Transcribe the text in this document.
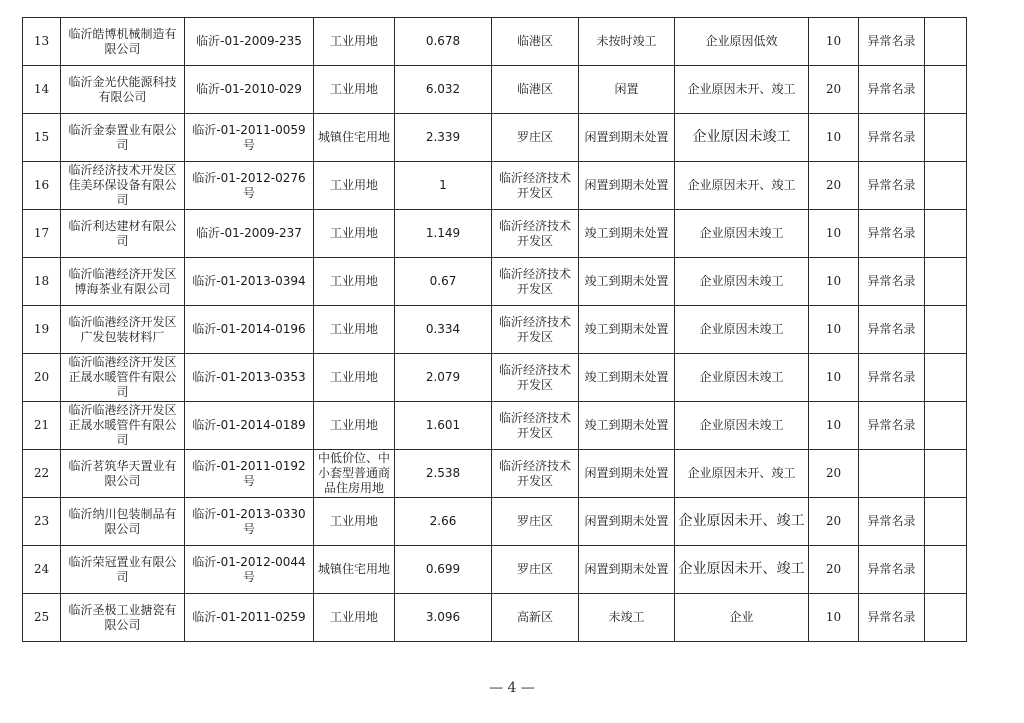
13	临沂皓博机械制造有限公司	临沂-01-2009-235	工业用地	0.678	临港区	未按时竣工	企业原因低效	10	异常名录	
14	临沂金光伏能源科技有限公司	临沂-01-2010-029	工业用地	6.032	临港区	闲置	企业原因未开、竣工	20	异常名录	
15	临沂金泰置业有限公司	临沂-01-2011-0059号	城镇住宅用地	2.339	罗庄区	闲置到期未处置	企业原因未竣工	10	异常名录	
16	临沂经济技术开发区佳美环保设备有限公司	临沂-01-2012-0276号	工业用地	1	临沂经济技术开发区	闲置到期未处置	企业原因未开、竣工	20	异常名录	
17	临沂利达建材有限公司	临沂-01-2009-237	工业用地	1.149	临沂经济技术开发区	竣工到期未处置	企业原因未竣工	10	异常名录	
18	临沂临港经济开发区博海茶业有限公司	临沂-01-2013-0394	工业用地	0.67	临沂经济技术开发区	竣工到期未处置	企业原因未竣工	10	异常名录	
19	临沂临港经济开发区广发包装材料厂	临沂-01-2014-0196	工业用地	0.334	临沂经济技术开发区	竣工到期未处置	企业原因未竣工	10	异常名录	
20	临沂临港经济开发区正晟水暖管件有限公司	临沂-01-2013-0353	工业用地	2.079	临沂经济技术开发区	竣工到期未处置	企业原因未竣工	10	异常名录	
21	临沂临港经济开发区正晟水暖管件有限公司	临沂-01-2014-0189	工业用地	1.601	临沂经济技术开发区	竣工到期未处置	企业原因未竣工	10	异常名录	
22	临沂茗筑华天置业有限公司	临沂-01-2011-0192号	中低价位、中小套型普通商品住房用地	2.538	临沂经济技术开发区	闲置到期未处置	企业原因未开、竣工	20		
23	临沂纳川包装制品有限公司	临沂-01-2013-0330号	工业用地	2.66	罗庄区	闲置到期未处置	企业原因未开、竣工	20	异常名录	
24	临沂荣冠置业有限公司	临沂-01-2012-0044号	城镇住宅用地	0.699	罗庄区	闲置到期未处置	企业原因未开、竣工	20	异常名录	
25	临沂圣极工业搪瓷有限公司	临沂-01-2011-0259	工业用地	3.096	高新区	未竣工	企业	10	异常名录	
— 4 —
